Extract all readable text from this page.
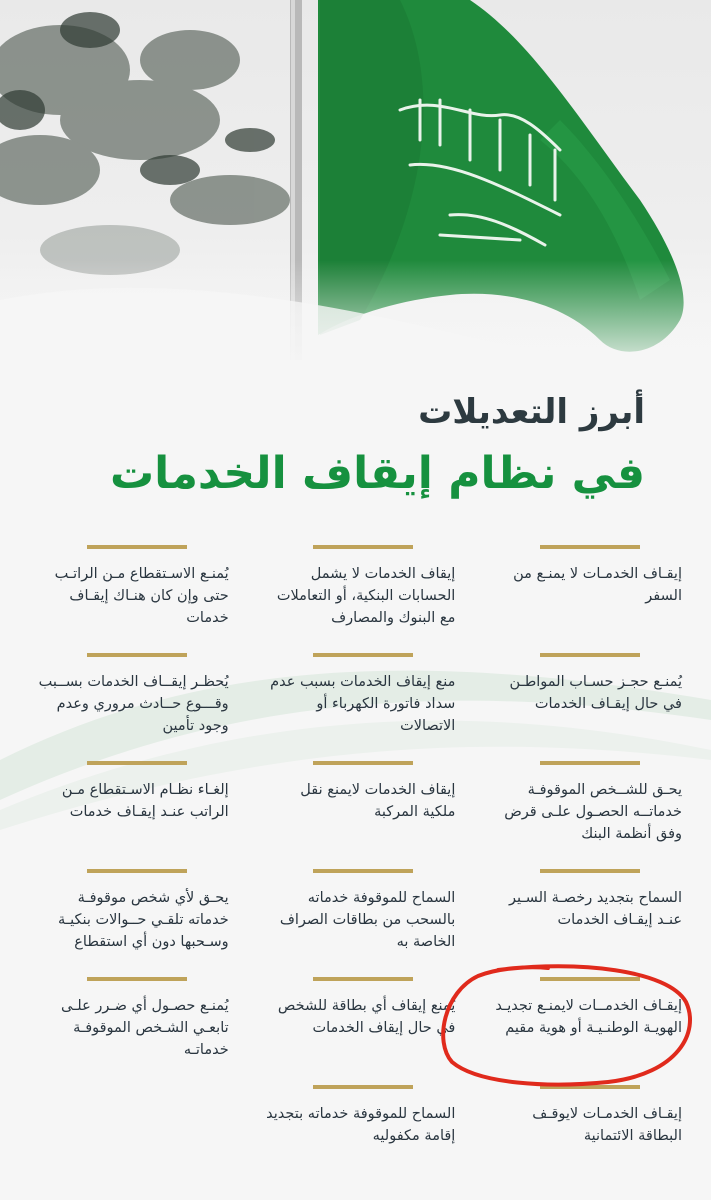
أبرز التعديلات
في نظام إيقاف الخدمات
إيقـاف الخدمـات لا يمنـع من السفر
إيقاف الخدمات لا يشمل الحسابات البنكية، أو التعاملات مع البنوك والمصارف
يُمنـع الاسـتقطاع مـن الراتـب حتى وإن كان هنـاك إيقـاف خدمات
يُمنـع حجـز حسـاب المواطـن في حال إيقـاف الخدمات
منع إيقاف الخدمات بسبب عدم سداد فاتورة الكهرباء أو الاتصالات
يُحظـر إيقــاف الخدمات بســبب وقـــوع حــادث مروري وعدم وجود تأمين
يحـق للشــخص الموقوفـة خدماتــه الحصـول علـى قرض وفق أنظمة البنك
إيقاف الخدمات لايمنع نقل ملكية المركبة
إلغـاء نظـام الاسـتقطاع مـن الراتب عنـد إيقـاف خدمات
السماح بتجديد رخصـة السـير عنـد إيقـاف الخدمات
السماح للموقوفة خدماته بالسحب من بطاقات الصراف الخاصة به
يحـق لأي شخص موقوفـة خدماته تلقـي حــوالات بنكيـة وسـحبها دون أي استقطاع
إيقـاف الخدمــات لايمنـع تجديـد الهويـة الوطنـيـة أو هوية مقيم
يُمنع إيقاف أي بطاقة للشخص في حال إيقاف الخدمات
يُمنـع حصـول أي ضـرر علـى تابعـي الشـخص الموقوفـة خدماتـه
إيقـاف الخدمـات لايوقـف البطاقة الائتمانية
السماح للموقوفة خدماته بتجديد إقامة مكفوليه
